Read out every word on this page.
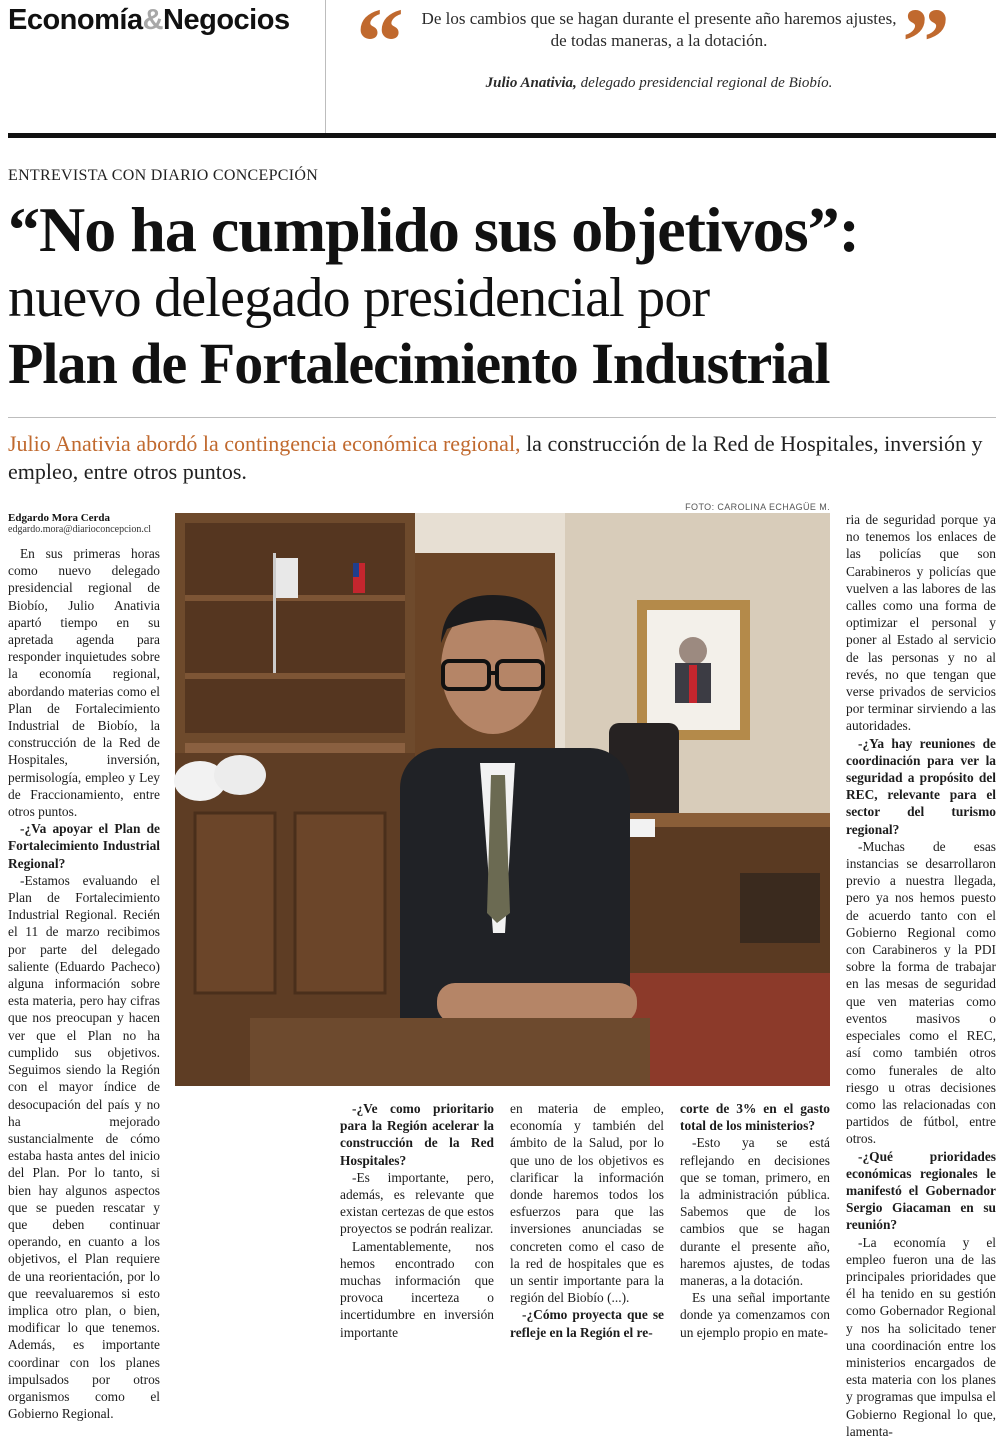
Economía&Negocios “ De los cambios que se hagan durante el presente año haremos ajustes, de todas maneras, a la dotación.	”
Julio Anativia, delegado presidencial regional de Biobío.
ENTREVISTA CON DIARIO CONCEPCIÓN
“No ha cumplido sus objetivos”:
nuevo delegado presidencial por
Plan de Fortalecimiento Industrial
Julio Anativia abordó la contingencia económica regional, la construcción de la Red de Hospitales, inversión y empleo, entre otros puntos.
Edgardo Mora Cerda
edgardo.mora@diarioconcepcion.cl
FOTO: CAROLINA ECHAGÜE M.

En sus primeras horas como nuevo delegado presidencial regional de Biobío, Julio Anativia apartó tiempo en su apretada agenda para responder inquietudes sobre la economía regional, abordando materias como el Plan de Fortalecimiento Industrial de Biobío, la construcción de la Red de Hospitales, inversión, permisología, empleo y Ley de Fraccionamiento, entre otros puntos.

-¿Va apoyar el Plan de Fortalecimiento Industrial Regional?

-Estamos evaluando el Plan de Fortalecimiento Industrial Regional. Recién el 11 de marzo recibimos por parte del delegado saliente (Eduardo Pacheco) alguna información sobre esta materia, pero hay cifras que nos preocupan y hacen ver que el Plan no ha cumplido sus objetivos. Seguimos siendo la Región con el mayor índice de desocupación del país y no ha mejorado sustancialmente de cómo estaba hasta antes del inicio del Plan. Por lo tanto, si bien hay algunos aspectos que se pueden rescatar y que deben continuar operando, en cuanto a los objetivos, el Plan requiere de una reorientación, por lo que reevaluaremos si esto implica otro plan, o bien, modificar lo que tenemos. Además, es importante coordinar con los planes impulsados por otros organismos como el Gobierno Regional.

-¿Ve como prioritario para la Región acelerar la construcción de la Red Hospitales?

-Es importante, pero, además, es relevante que existan certezas de que estos proyectos se podrán realizar.

Lamentablemente, nos hemos encontrado con muchas información que provoca incerteza o incertidumbre en inversión importante

en materia de empleo, economía y también del ámbito de la Salud, por lo que uno de los objetivos es clarificar la información donde haremos todos los esfuerzos para que las inversiones anunciadas se concreten como el caso de la red de hospitales que es un sentir importante para la región del Biobío (...).

-¿Cómo proyecta que se refleje en la Región el re-

corte de 3% en el gasto total de los ministerios?

-Esto ya se está reflejando en decisiones que se toman, primero, en la administración pública. Sabemos que de los cambios que se hagan durante el presente año, haremos ajustes, de todas maneras, a la dotación.

Es una señal importante donde ya comenzamos con un ejemplo propio en mate-

ria de seguridad porque ya no tenemos los enlaces de las policías que son Carabineros y policías que vuelven a las labores de las calles como una forma de optimizar el personal y poner al Estado al servicio de las personas y no al revés, no que tengan que verse privados de servicios por terminar sirviendo a las autoridades.

-¿Ya hay reuniones de coordinación para ver la seguridad a propósito del REC, relevante para el sector del turismo regional?

-Muchas de esas instancias se desarrollaron previo a nuestra llegada, pero ya nos hemos puesto de acuerdo tanto con el Gobierno Regional como con Carabineros y la PDI sobre la forma de trabajar en las mesas de seguridad que ven materias como eventos masivos o especiales como el REC, así como también otros como funerales de alto riesgo u otras decisiones como las relacionadas con partidos de fútbol, entre otros.

-¿Qué prioridades económicas regionales le manifestó el Gobernador Sergio Giacaman en su reunión?

-La economía y el empleo fueron una de las principales prioridades que él ha tenido en su gestión como Gobernador Regional y nos ha solicitado tener una coordinación entre los ministerios encargados de esta materia con los planes y programas que impulsa el Gobierno Regional lo que, lamenta-
